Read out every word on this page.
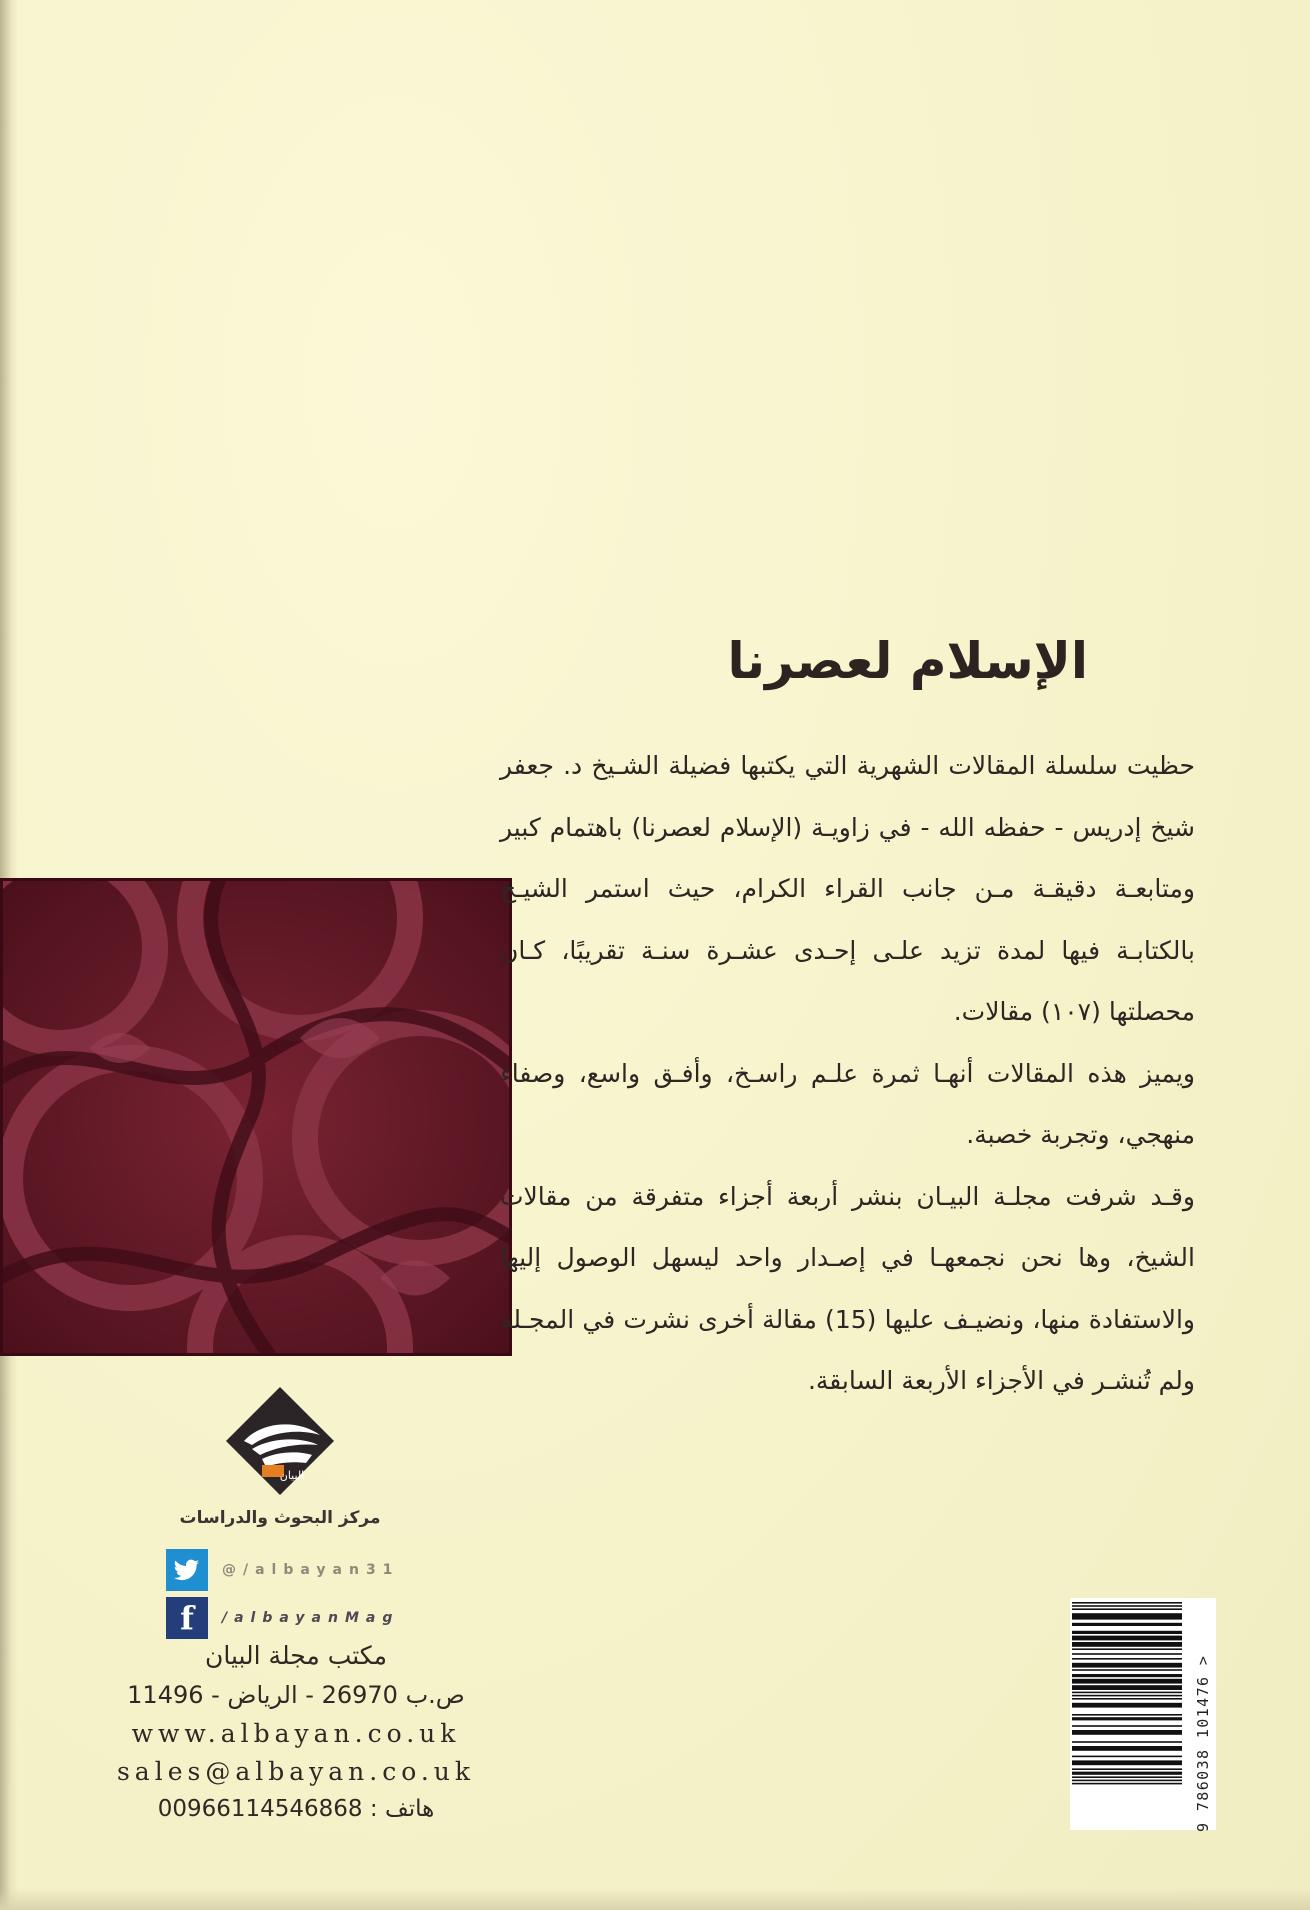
الإسلام لعصرنا

حظيت سلسلة المقالات الشهرية التي يكتبها فضيلة الشـيخ د. جعفر شيخ إدريس - حفظه الله - في زاويـة (الإسلام لعصرنا) باهتمام كبير ومتابعـة دقيقـة مـن جانب القراء الكرام، حيث استمر الشيـخ بالكتابـة فيها لمدة تزيد علـى إحـدى عشـرة سنـة تقريبًا، كـان محصلتها (١٠٧) مقالات.

ويميز هذه المقالات أنهـا ثمرة علـم راسـخ، وأفـق واسع، وصفاء منهجي، وتجربة خصبة.

وقـد شرفت مجلـة البيـان بنشر أربعة أجزاء متفرقة من مقالات الشيخ، وها نحن نجمعهـا في إصـدار واحد ليسهل الوصول إليها والاستفادة منها، ونضيـف عليها (15) مقالة أخرى نشرت في المجـلة ولم تُنشـر في الأجزاء الأربعة السابقة.

البيان
مركز البحوث والدراسات
@/albayan31
f	/albayanMag
مكتب مجلة البيان
ص.ب 26970 - الرياض - 11496
www.albayan.co.uk
sales@albayan.co.uk
هاتف : 00966114546868	9 786038 101476 >
